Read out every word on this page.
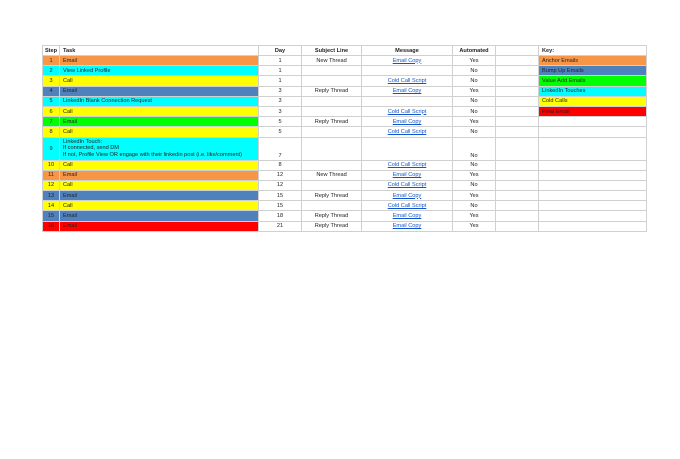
Step	Task	Day	Subject Line	Message	Automated		Key:
1	Email	1	New Thread	Email Copy	Yes		Anchor Emails
2	View Linked Profile	1			No		Bump Up Emails
3	Call	1		Cold Call Script	No		Value Add Emails
4	Email	3	Reply Thread	Email Copy	Yes		LinkedIn Touches
5	LinkedIn Blank Connection Request	3			No		Cold Calls
6	Call	3		Cold Call Script	No		Final Email
7	Email	5	Reply Thread	Email Copy	Yes		
8	Call	5		Cold Call Script	No		
9	LinkedIn Touch:
If connected, send DM
If not, Profile View OR engage with their linkedin post (i.e. like/comment)	7			No		
10	Call	8		Cold Call Script	No		
11	Email	12	New Thread	Email Copy	Yes		
12	Call	12		Cold Call Script	No		
13	Email	15	Reply Thread	Email Copy	Yes		
14	Call	15		Cold Call Script	No		
15	Email	18	Reply Thread	Email Copy	Yes		
16	Email	21	Reply Thread	Email Copy	Yes		
